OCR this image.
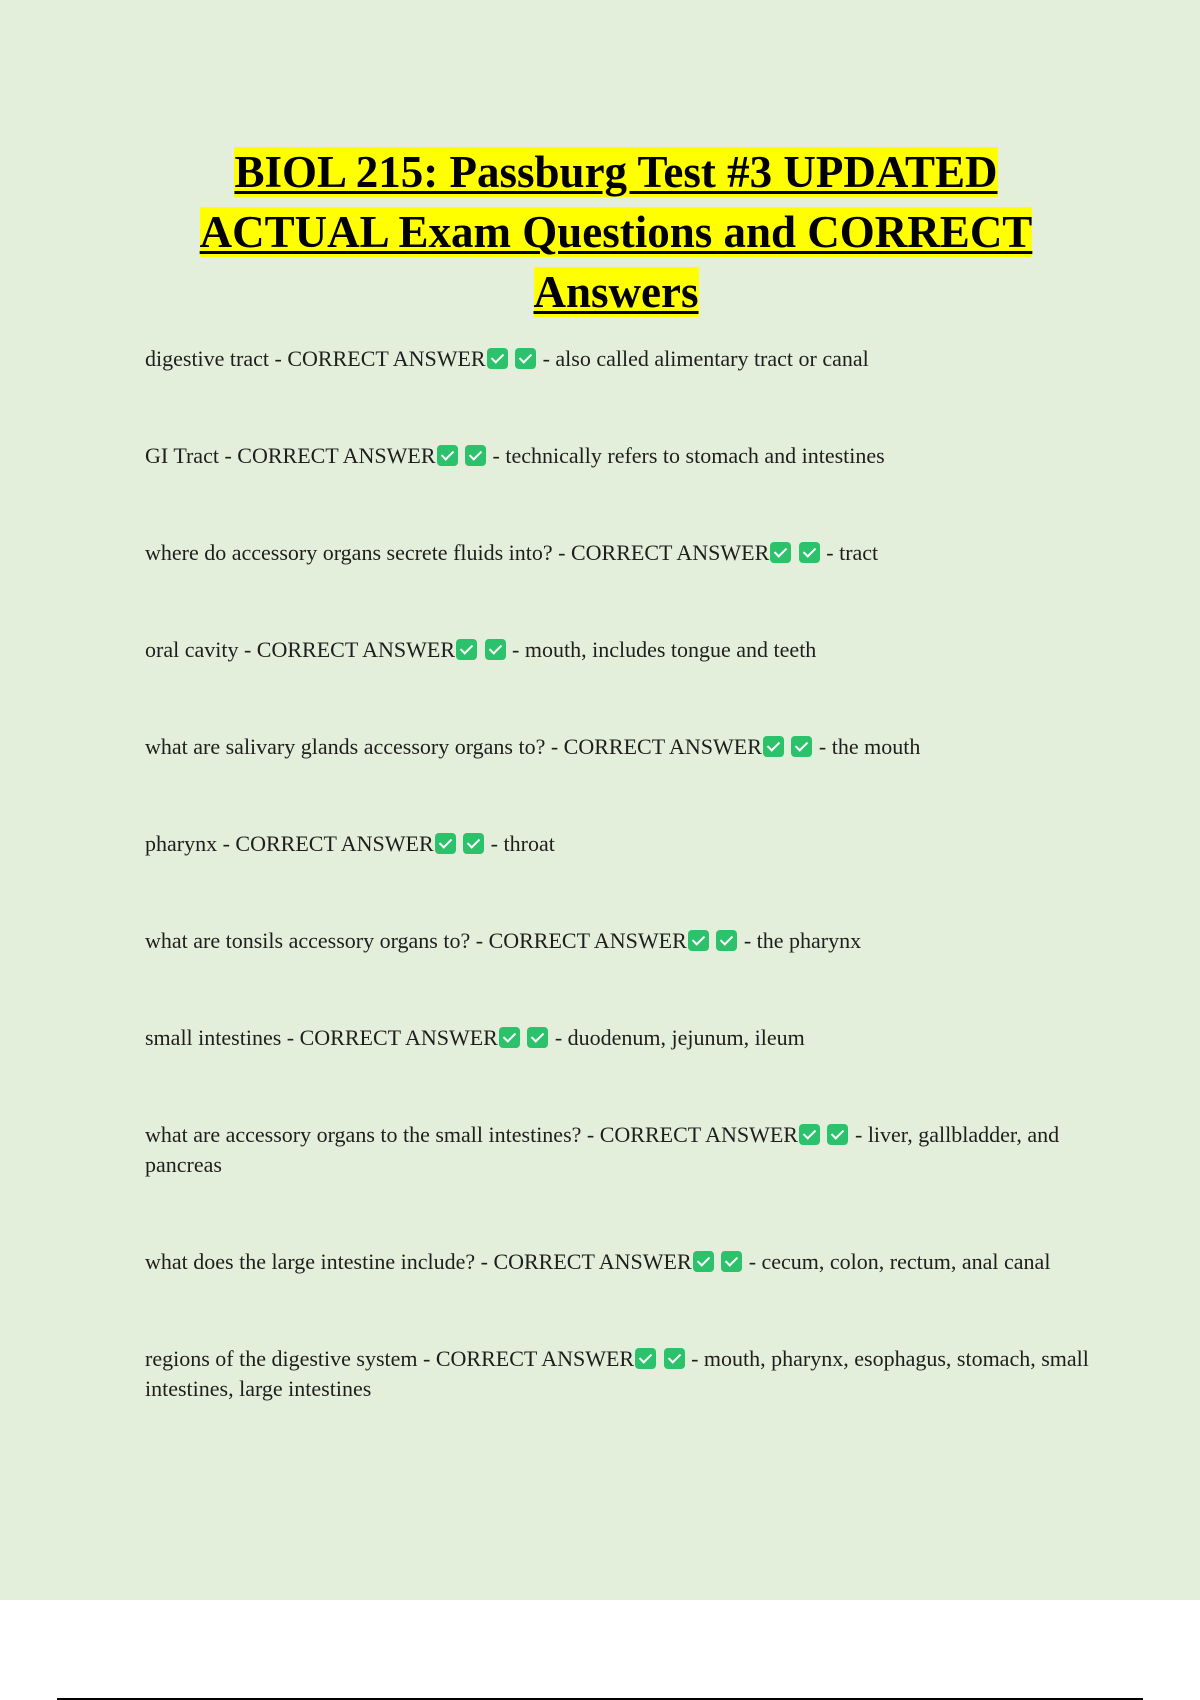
BIOL 215: Passburg Test #3 UPDATED ACTUAL Exam Questions and CORRECT Answers
digestive tract - CORRECT ANSWER  - also called alimentary tract or canal
GI Tract - CORRECT ANSWER  - technically refers to stomach and intestines
where do accessory organs secrete fluids into? - CORRECT ANSWER  - tract
oral cavity - CORRECT ANSWER  - mouth, includes tongue and teeth
what are salivary glands accessory organs to? - CORRECT ANSWER  - the mouth
pharynx - CORRECT ANSWER  - throat
what are tonsils accessory organs to? - CORRECT ANSWER  - the pharynx
small intestines - CORRECT ANSWER  - duodenum, jejunum, ileum
what are accessory organs to the small intestines? - CORRECT ANSWER  - liver, gallbladder, and pancreas
what does the large intestine include? - CORRECT ANSWER  - cecum, colon, rectum, anal canal
regions of the digestive system - CORRECT ANSWER  - mouth, pharynx, esophagus, stomach, small intestines, large intestines
